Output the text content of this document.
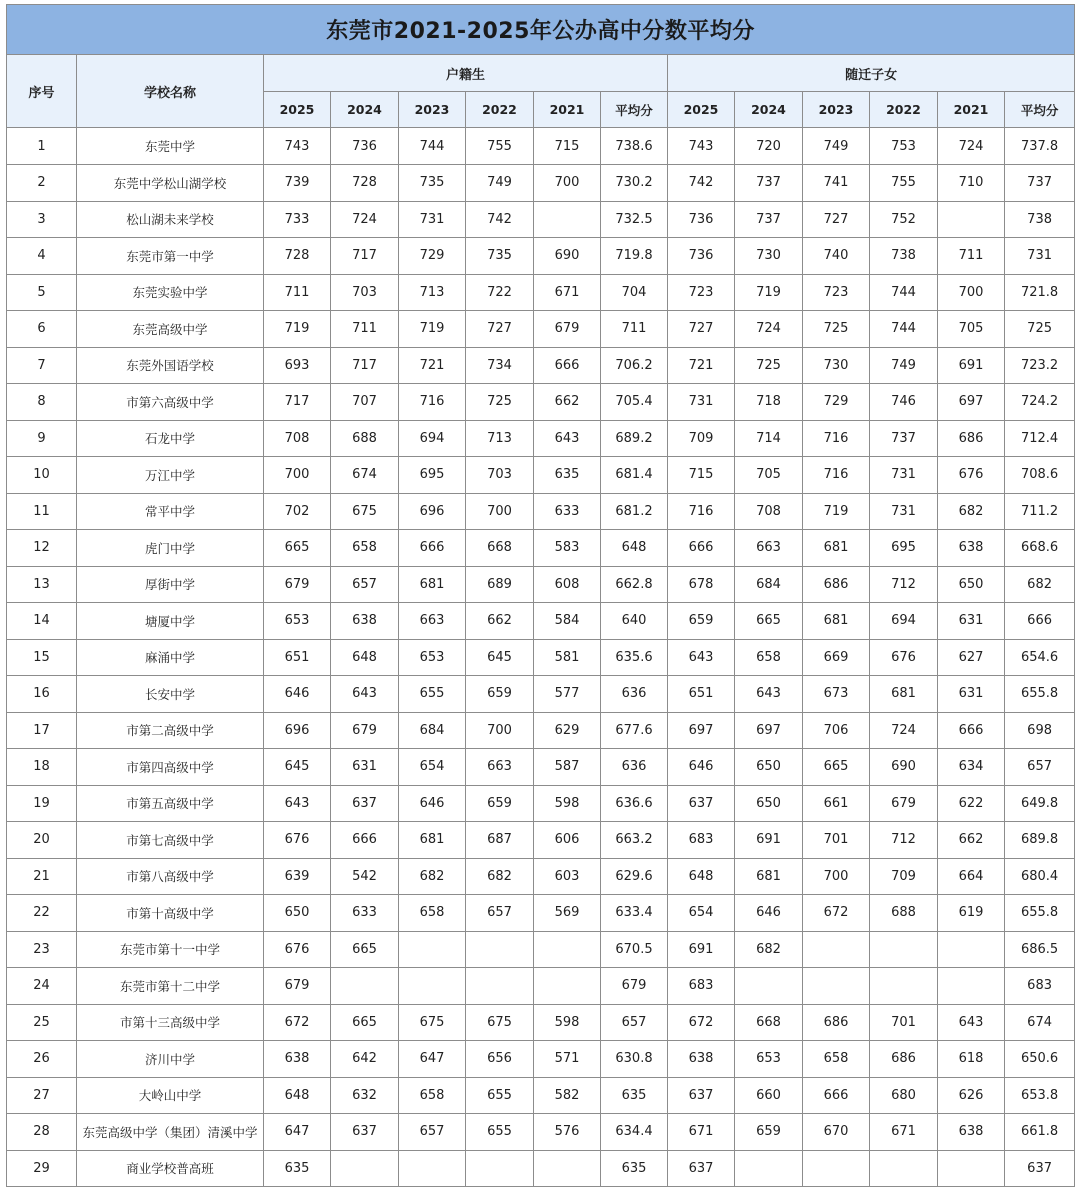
东莞市2021-2025年公办高中分数平均分													
序号	学校名称	户籍生						随迁子女					
		2025	2024	2023	2022	2021	平均分	2025	2024	2023	2022	2021	平均分
1	东莞中学	743	736	744	755	715	738.6	743	720	749	753	724	737.8
2	东莞中学松山湖学校	739	728	735	749	700	730.2	742	737	741	755	710	737
3	松山湖未来学校	733	724	731	742		732.5	736	737	727	752		738
4	东莞市第一中学	728	717	729	735	690	719.8	736	730	740	738	711	731
5	东莞实验中学	711	703	713	722	671	704	723	719	723	744	700	721.8
6	东莞高级中学	719	711	719	727	679	711	727	724	725	744	705	725
7	东莞外国语学校	693	717	721	734	666	706.2	721	725	730	749	691	723.2
8	市第六高级中学	717	707	716	725	662	705.4	731	718	729	746	697	724.2
9	石龙中学	708	688	694	713	643	689.2	709	714	716	737	686	712.4
10	万江中学	700	674	695	703	635	681.4	715	705	716	731	676	708.6
11	常平中学	702	675	696	700	633	681.2	716	708	719	731	682	711.2
12	虎门中学	665	658	666	668	583	648	666	663	681	695	638	668.6
13	厚街中学	679	657	681	689	608	662.8	678	684	686	712	650	682
14	塘厦中学	653	638	663	662	584	640	659	665	681	694	631	666
15	麻涌中学	651	648	653	645	581	635.6	643	658	669	676	627	654.6
16	长安中学	646	643	655	659	577	636	651	643	673	681	631	655.8
17	市第二高级中学	696	679	684	700	629	677.6	697	697	706	724	666	698
18	市第四高级中学	645	631	654	663	587	636	646	650	665	690	634	657
19	市第五高级中学	643	637	646	659	598	636.6	637	650	661	679	622	649.8
20	市第七高级中学	676	666	681	687	606	663.2	683	691	701	712	662	689.8
21	市第八高级中学	639	542	682	682	603	629.6	648	681	700	709	664	680.4
22	市第十高级中学	650	633	658	657	569	633.4	654	646	672	688	619	655.8
23	东莞市第十一中学	676	665				670.5	691	682				686.5
24	东莞市第十二中学	679					679	683					683
25	市第十三高级中学	672	665	675	675	598	657	672	668	686	701	643	674
26	济川中学	638	642	647	656	571	630.8	638	653	658	686	618	650.6
27	大岭山中学	648	632	658	655	582	635	637	660	666	680	626	653.8
28	东莞高级中学（集团）清溪中学	647	637	657	655	576	634.4	671	659	670	671	638	661.8
29	商业学校普高班	635					635	637					637
